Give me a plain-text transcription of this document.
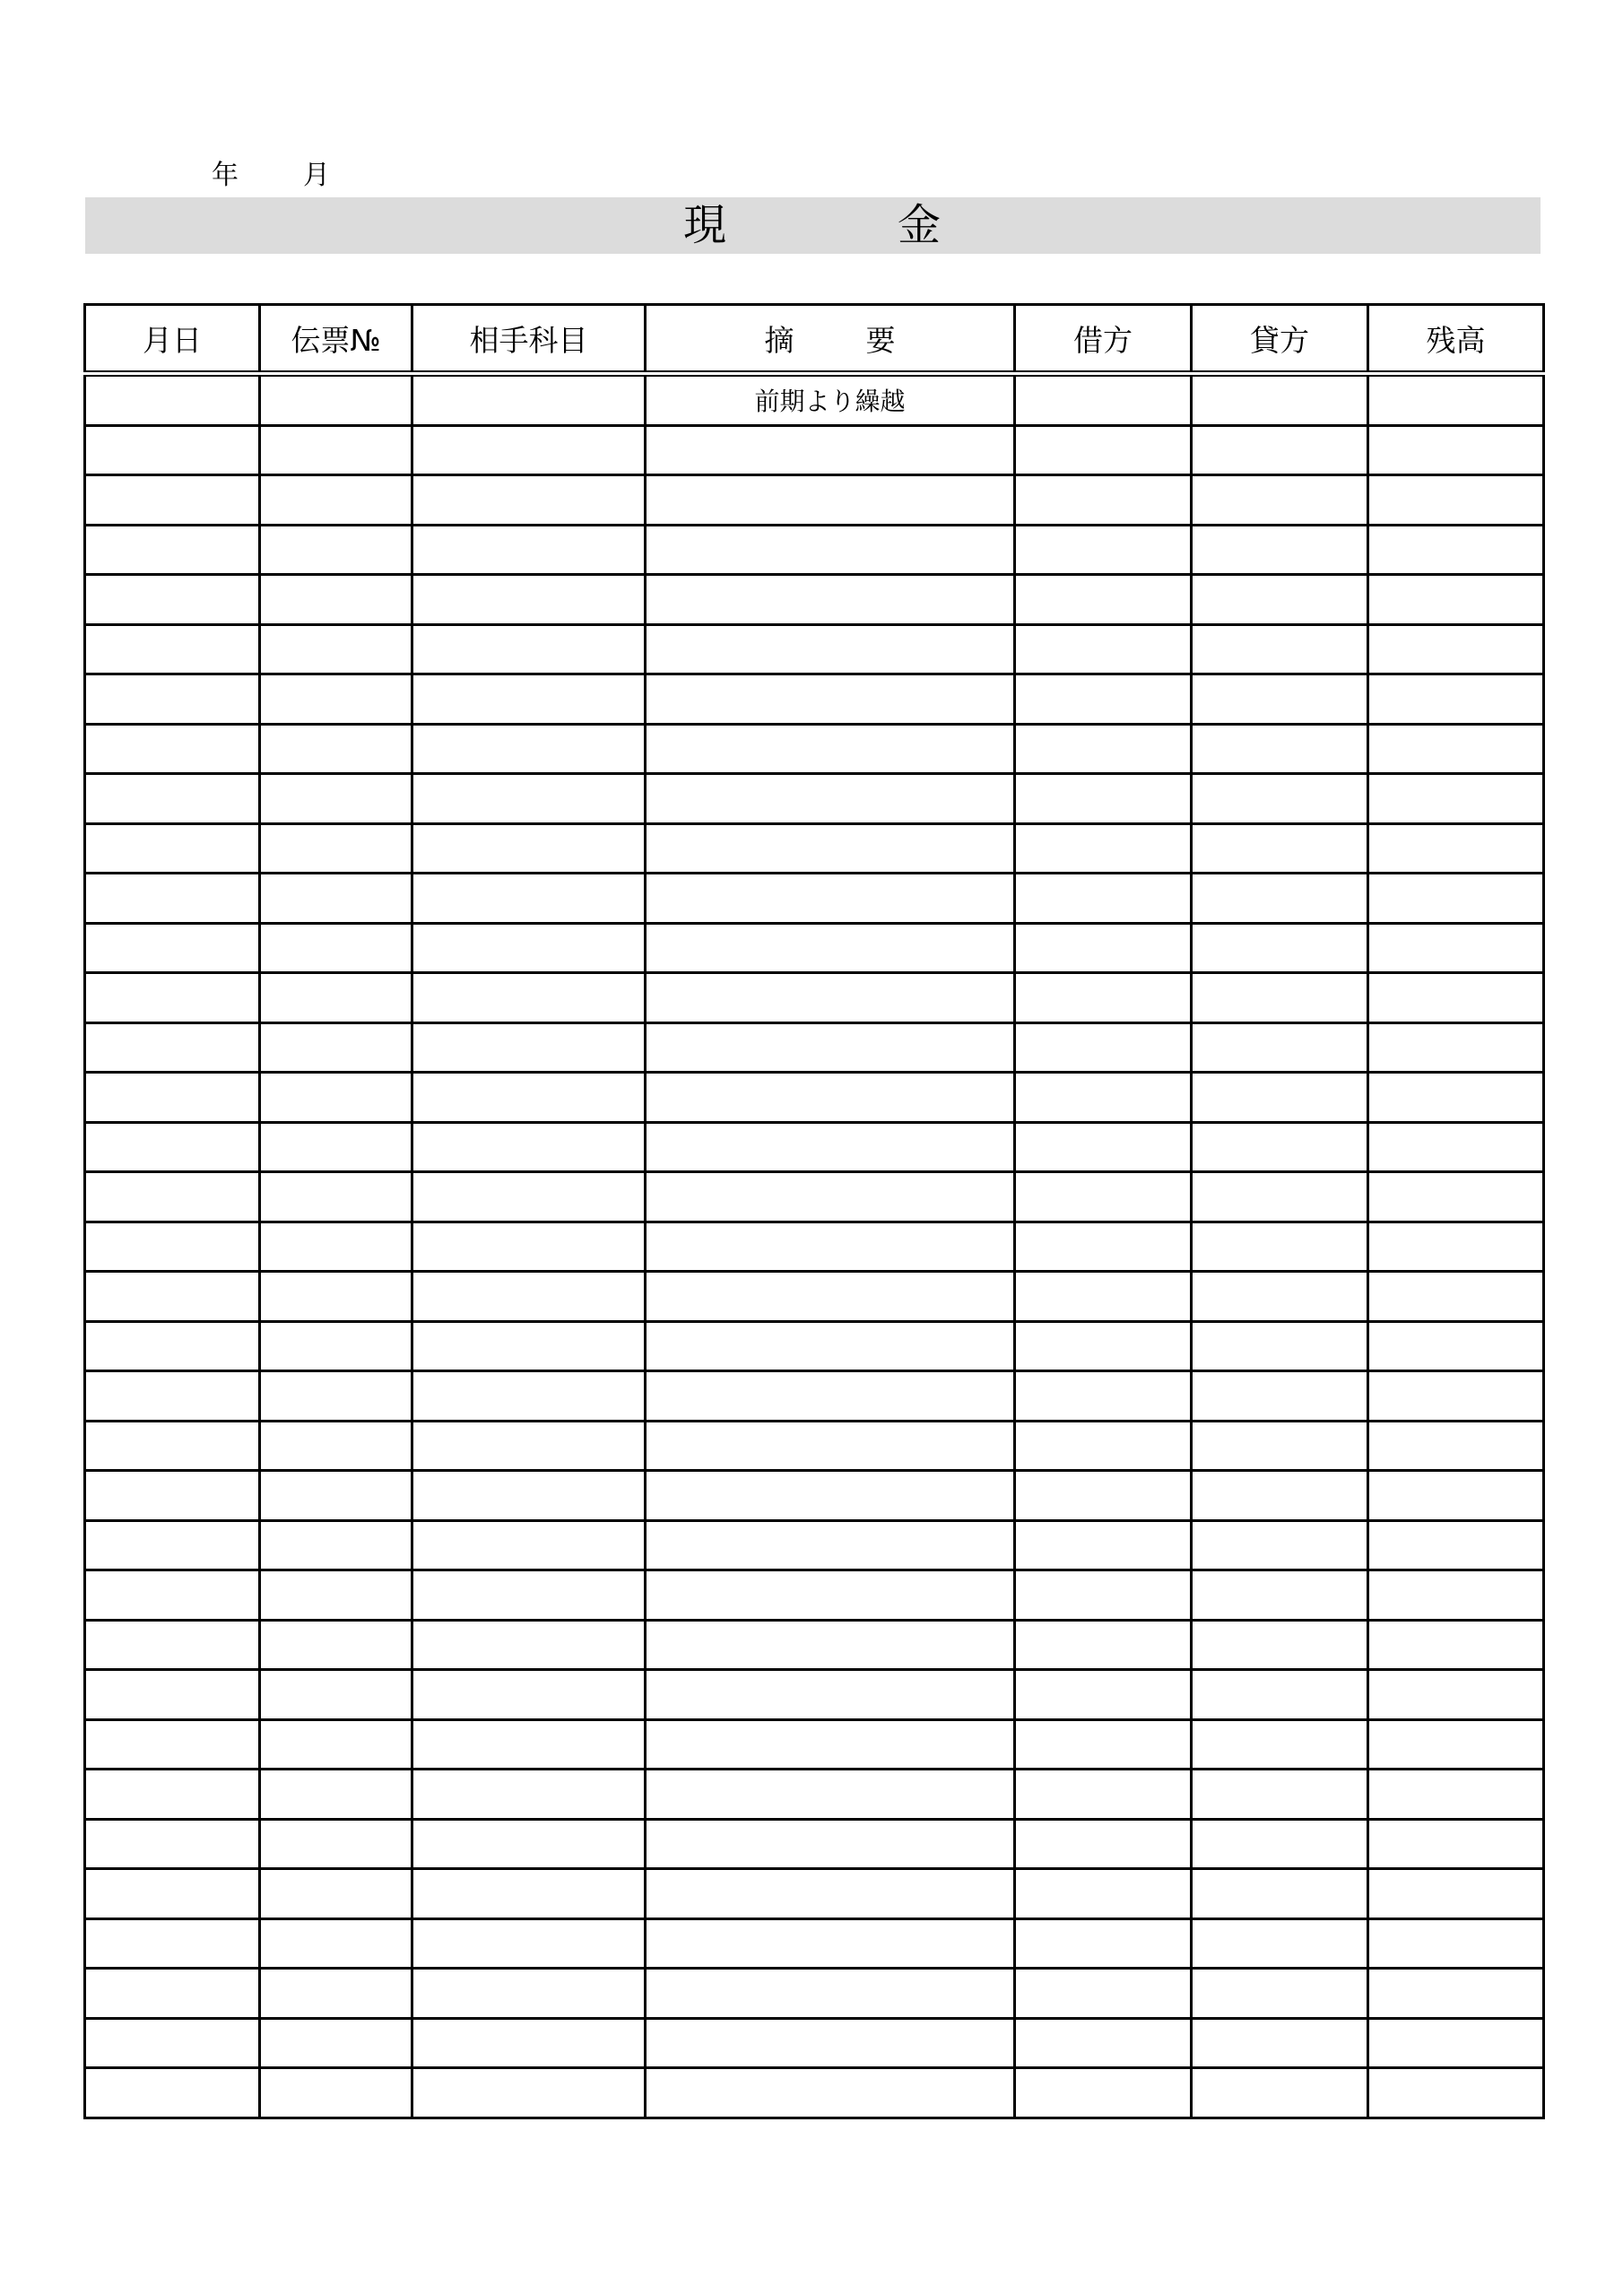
年 月
現	金
月日	伝票№	相手科目	摘 要	借方	貸方	残高
			前期より繰越			
